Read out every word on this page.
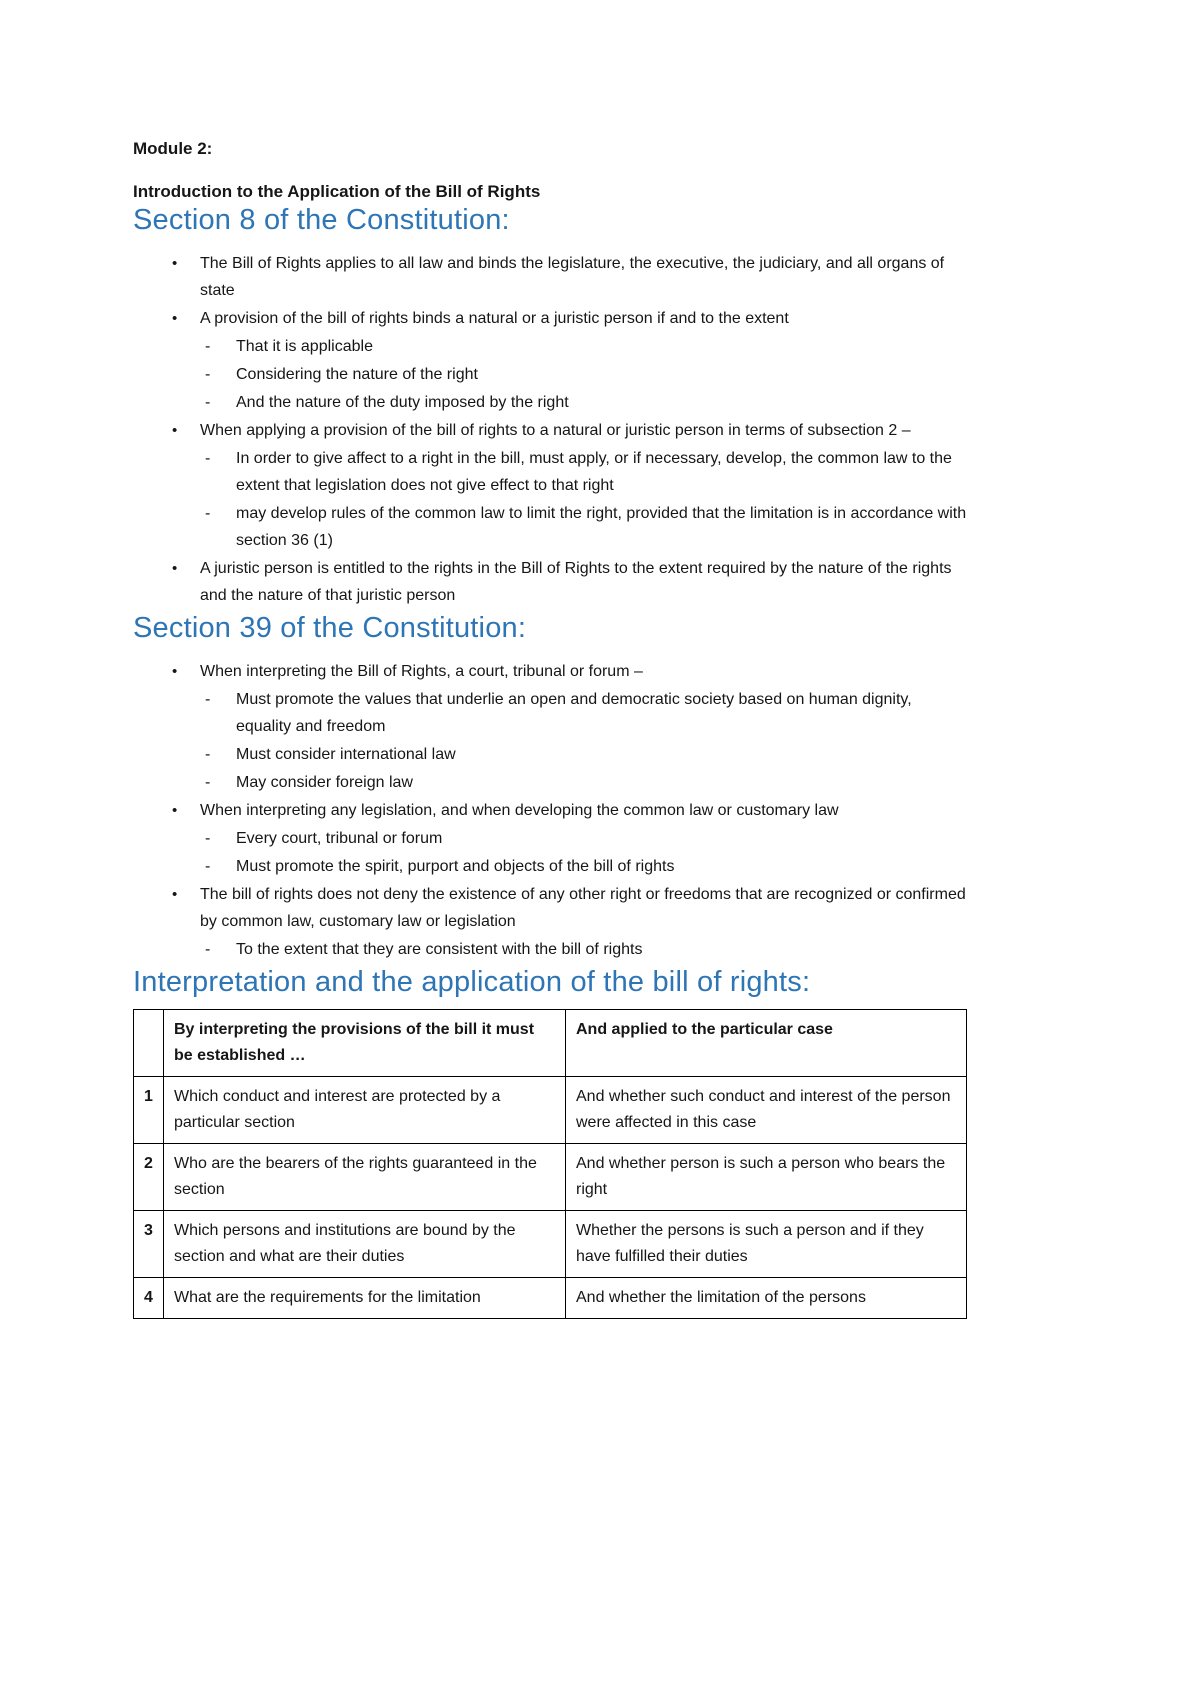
Module 2:

Introduction to the Application of the Bill of Rights

Section 8 of the Constitution:
•	The Bill of Rights applies to all law and binds the legislature, the executive, the judiciary, and all organs of state
•	A provision of the bill of rights binds a natural or a juristic person if and to the extent
-	That it is applicable
-	Considering the nature of the right
-	And the nature of the duty imposed by the right
•	When applying a provision of the bill of rights to a natural or juristic person in terms of subsection 2 –
-	In order to give affect to a right in the bill, must apply, or if necessary, develop, the common law to the extent that legislation does not give effect to that right
-	may develop rules of the common law to limit the right, provided that the limitation is in accordance with section 36 (1)
•	A juristic person is entitled to the rights in the Bill of Rights to the extent required by the nature of the rights and the nature of that juristic person
Section 39 of the Constitution:
•	When interpreting the Bill of Rights, a court, tribunal or forum –
-	Must promote the values that underlie an open and democratic society based on human dignity, equality and freedom
-	Must consider international law
-	May consider foreign law
•	When interpreting any legislation, and when developing the common law or customary law
-	Every court, tribunal or forum
-	Must promote the spirit, purport and objects of the bill of rights
•	The bill of rights does not deny the existence of any other right or freedoms that are recognized or confirmed by common law, customary law or legislation
-	To the extent that they are consistent with the bill of rights
Interpretation and the application of the bill of rights:
	By interpreting the provisions of the bill it must be established …	And applied to the particular case
1	Which conduct and interest are protected by a particular section	And whether such conduct and interest of the person were affected in this case
2	Who are the bearers of the rights guaranteed in the section	And whether person is such a person who bears the right
3	Which persons and institutions are bound by the section and what are their duties	Whether the persons is such a person and if they have fulfilled their duties
4	What are the requirements for the limitation	And whether the limitation of the persons
